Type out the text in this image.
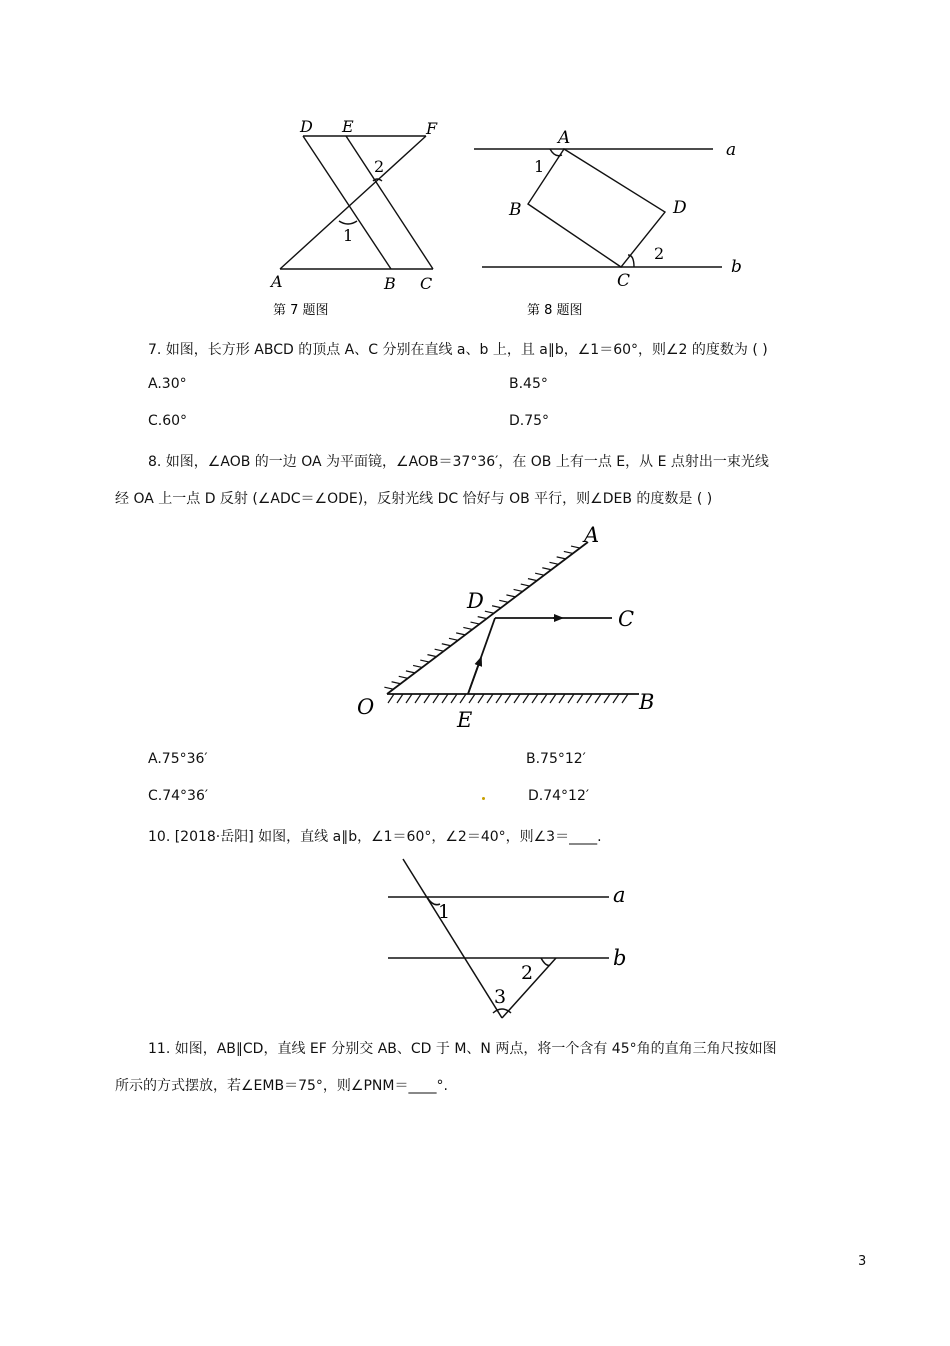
D E	F
A	B C
1
2
第 7 题图
A
B
C
D
a
b
1
2
第 8 题图
7. 如图，长方形 ABCD 的顶点 A、C 分别在直线 a、b 上，且 a∥b，∠1＝60°，则∠2 的度数为 ( )
A.30°	B.45°
C.60°	D.75°
8. 如图，∠AOB 的一边 OA 为平面镜，∠AOB＝37°36′，在 OB 上有一点 E，从 E 点射出一束光线
经 OA 上一点 D 反射 (∠ADC＝∠ODE)，反射光线 DC 恰好与 OB 平行，则∠DEB 的度数是 ( )
A
D
C
O
E
B
A.75°36′	B.75°12′
C.74°36′	D.74°12′
10. [2018·岳阳] 如图，直线 a∥b，∠1＝60°，∠2＝40°，则∠3＝____.
1
2
3
a
b
11. 如图，AB∥CD，直线 EF 分别交 AB、CD 于 M、N 两点，将一个含有 45°角的直角三角尺按如图
所示的方式摆放，若∠EMB＝75°，则∠PNM＝____°.
3
